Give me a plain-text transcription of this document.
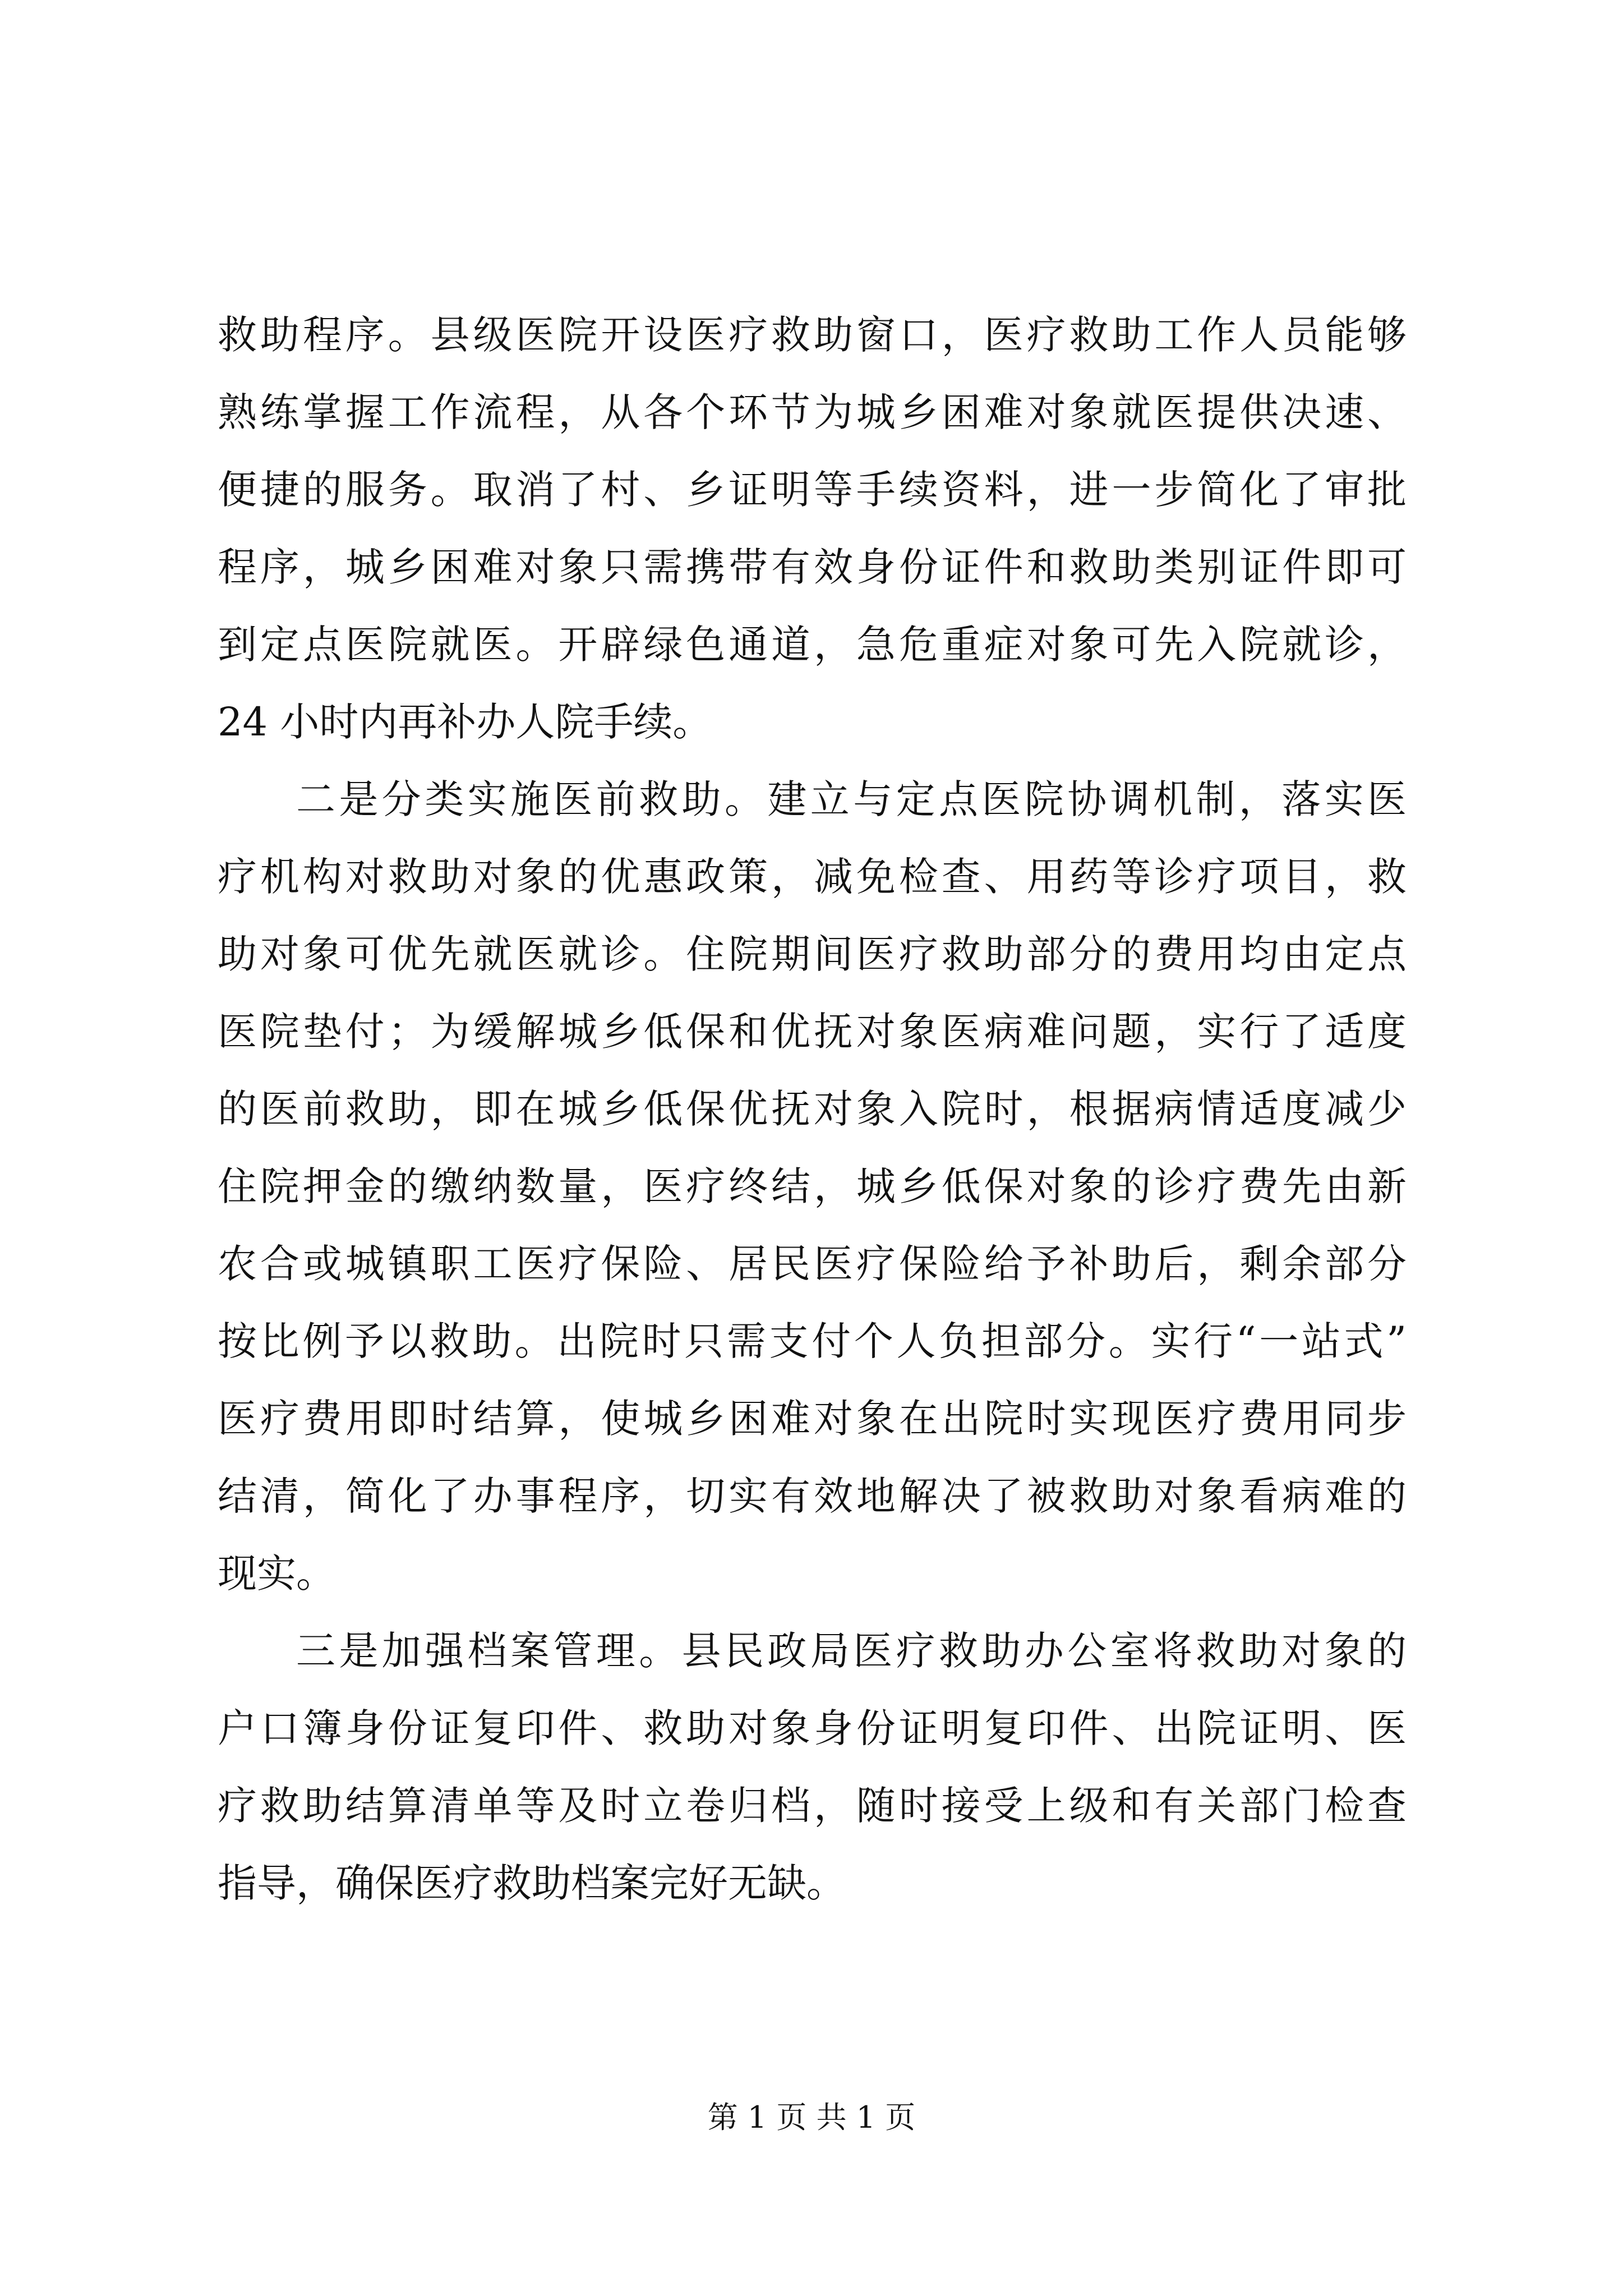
救助程序。县级医院开设医疗救助窗口，医疗救助工作人员能够
熟练掌握工作流程，从各个环节为城乡困难对象就医提供决速、
便捷的服务。取消了村、乡证明等手续资料，进一步简化了审批
程序，城乡困难对象只需携带有效身份证件和救助类别证件即可
到定点医院就医。开辟绿色通道，急危重症对象可先入院就诊，
24 小时内再补办人院手续。
二是分类实施医前救助。建立与定点医院协调机制，落实医
疗机构对救助对象的优惠政策，减免检查、用药等诊疗项目，救
助对象可优先就医就诊。住院期间医疗救助部分的费用均由定点
医院垫付；为缓解城乡低保和优抚对象医病难问题，实行了适度
的医前救助，即在城乡低保优抚对象入院时，根据病情适度减少
住院押金的缴纳数量，医疗终结，城乡低保对象的诊疗费先由新
农合或城镇职工医疗保险、居民医疗保险给予补助后，剩余部分
按比例予以救助。出院时只需支付个人负担部分。实行“一站式”
医疗费用即时结算，使城乡困难对象在出院时实现医疗费用同步
结清，简化了办事程序，切实有效地解决了被救助对象看病难的
现实。
三是加强档案管理。县民政局医疗救助办公室将救助对象的
户口簿身份证复印件、救助对象身份证明复印件、出院证明、医
疗救助结算清单等及时立卷归档，随时接受上级和有关部门检查
指导，确保医疗救助档案完好无缺。
第 1 页 共 1 页
